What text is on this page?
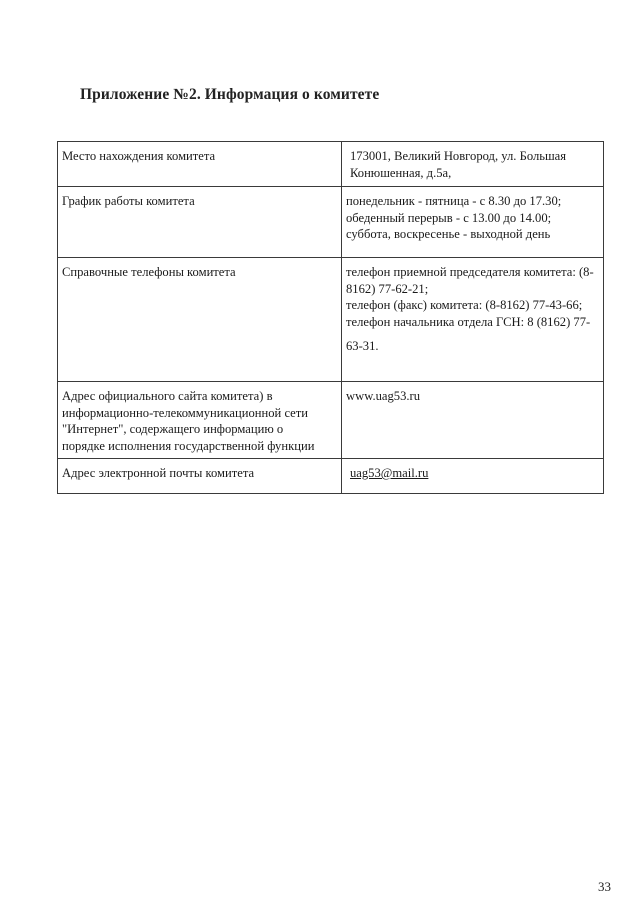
Приложение №2. Информация о комитете
Место нахождения комитета	173001, Великий Новгород, ул. Большая
Конюшенная, д.5а,

График работы комитета	понедельник - пятница - с 8.30 до 17.30;
обеденный перерыв - с 13.00 до 14.00;
суббота, воскресенье - выходной день

Справочные телефоны комитета	телефон приемной председателя комитета: (8-
8162) 77-62-21;
телефон (факс) комитета: (8-8162) 77-43-66;
телефон начальника отдела ГСН: 8 (8162) 77-
63-31.

Адрес официального сайта комитета) в
информационно-телекоммуникационной сети
"Интернет", содержащего информацию о
порядке исполнения государственной функции	www.uag53.ru

Адрес электронной почты комитета	uag53@mail.ru
33
